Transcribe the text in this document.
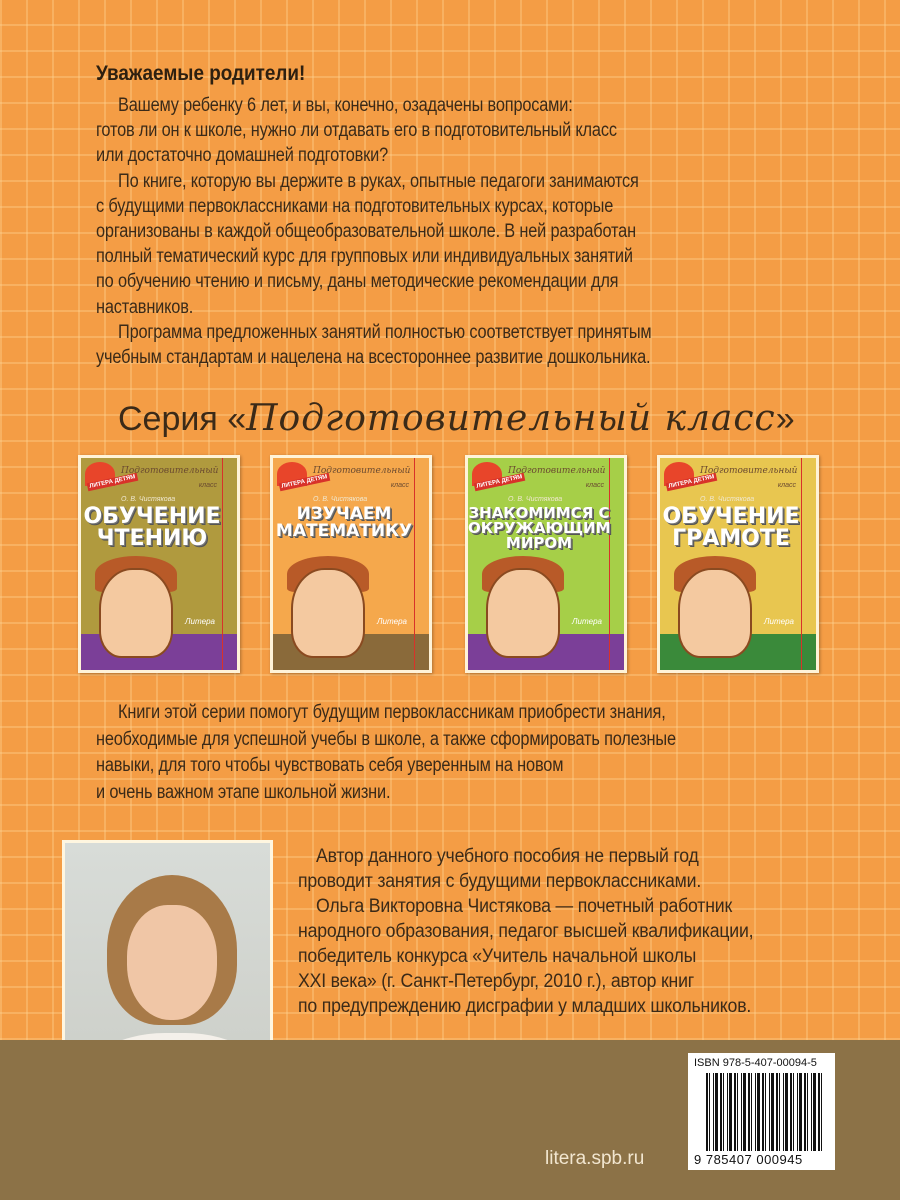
Уважаемые родители!
Вашему ребенку 6 лет, и вы, конечно, озадачены вопросами:
готов ли он к школе, нужно ли отдавать его в подготовительный класс
или достаточно домашней подготовки?
По книге, которую вы держите в руках, опытные педагоги занимаются
с будущими первоклассниками на подготовительных курсах, которые
организованы в каждой общеобразовательной школе. В ней разработан
полный тематический курс для групповых или индивидуальных занятий
по обучению чтению и письму, даны методические рекомендации для
наставников.
Программа предложенных занятий полностью соответствует принятым
учебным стандартам и нацелена на всестороннее развитие дошкольника.
Серия «Подготовительный класс»
ЛИТЕРА ДЕТЯМ
Подготовительный
класс
О. В. Чистякова
ОБУЧЕНИЕ ЧТЕНИЮ
Литера
ЛИТЕРА ДЕТЯМ
Подготовительный
класс
О. В. Чистякова
ИЗУЧАЕМ МАТЕМАТИКУ
Литера
ЛИТЕРА ДЕТЯМ
Подготовительный
класс
О. В. Чистякова
ЗНАКОМИМСЯ С ОКРУЖАЮЩИМ МИРОМ
Литера
ЛИТЕРА ДЕТЯМ
Подготовительный
класс
О. В. Чистякова
ОБУЧЕНИЕ ГРАМОТЕ
Литера
Книги этой серии помогут будущим первоклассникам приобрести знания,
необходимые для успешной учебы в школе, а также сформировать полезные
навыки, для того чтобы чувствовать себя уверенным на новом
и очень важном этапе школьной жизни.
Автор данного учебного пособия не первый год
проводит занятия с будущими первоклассниками.
Ольга Викторовна Чистякова — почетный работник
народного образования, педагог высшей квалификации,
победитель конкурса «Учитель начальной школы
XXI века» (г. Санкт-Петербург, 2010 г.), автор книг
по предупреждению дисграфии у младших школьников.
litera.spb.ru
ISBN 978-5-407-00094-5
9 785407 000945
